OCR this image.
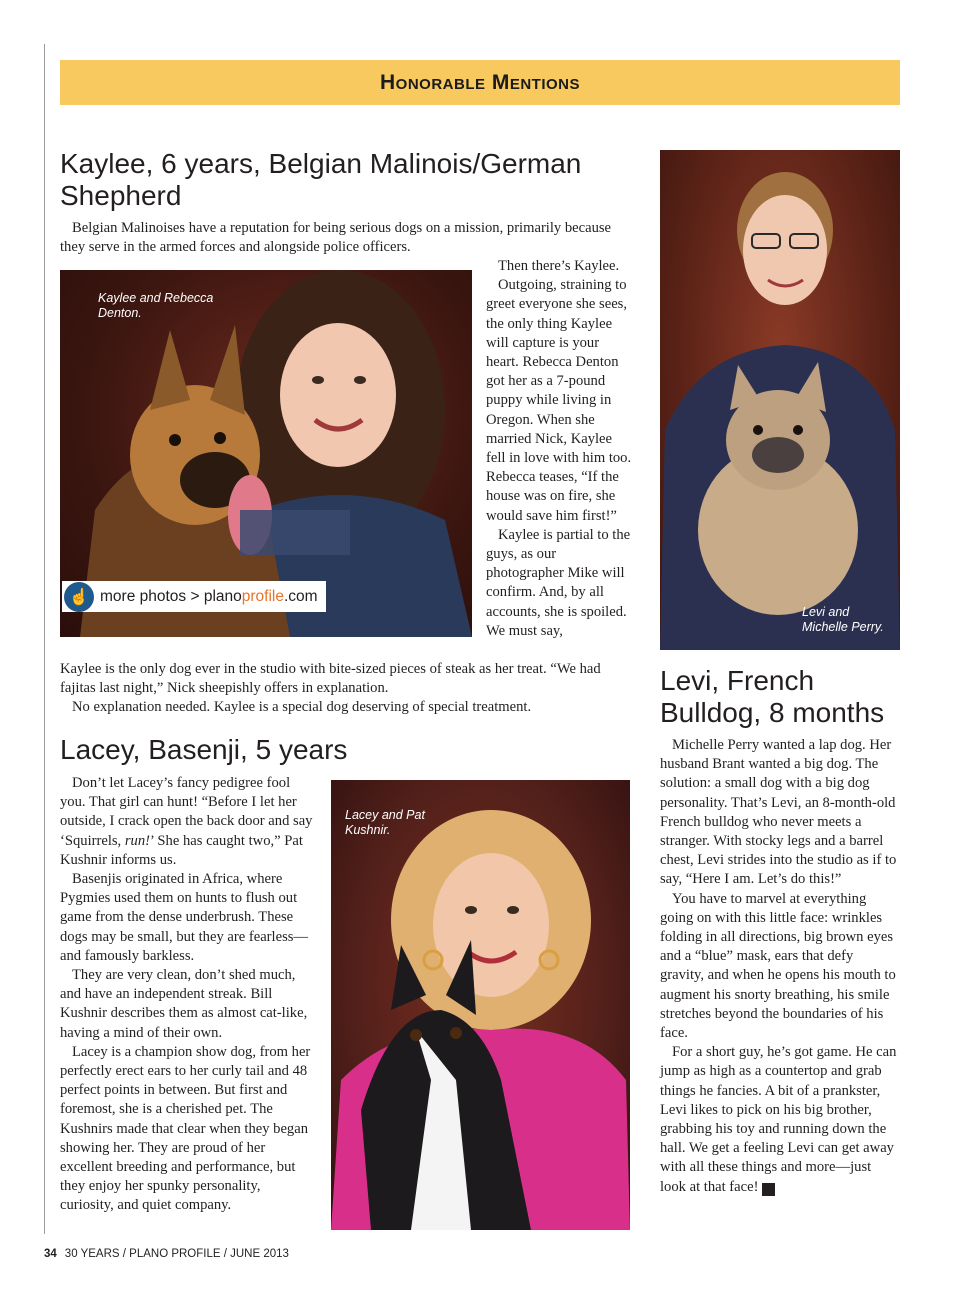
Honorable Mentions
Kaylee, 6 years, Belgian Malinois/German Shepherd

Belgian Malinoises have a reputation for being serious dogs on a mission, primarily because they serve in the armed forces and alongside police officers.

Kaylee and Rebecca Denton.
☝ more photos > plano profile .com

Then there’s Kaylee.

Outgoing, straining to greet everyone she sees, the only thing Kaylee will capture is your heart. Rebecca Denton got her as a 7-pound puppy while living in Oregon. When she married Nick, Kaylee fell in love with him too. Rebecca teases, “If the house was on fire, she would save him first!”

Kaylee is partial to the guys, as our photographer Mike will confirm. And, by all accounts, she is spoiled. We must say,

Kaylee is the only dog ever in the studio with bite-sized pieces of steak as her treat. “We had fajitas last night,” Nick sheepishly offers in explanation.

No explanation needed. Kaylee is a special dog deserving of special treatment.

Lacey, Basenji, 5 years

Don’t let Lacey’s fancy pedigree fool you. That girl can hunt! “Before I let her outside, I crack open the back door and say ‘Squirrels, run!’ She has caught two,” Pat Kushnir informs us.

Basenjis originated in Africa, where Pygmies used them on hunts to flush out game from the dense underbrush. These dogs may be small, but they are fearless—and famously barkless.

They are very clean, don’t shed much, and have an independent streak. Bill Kushnir describes them as almost cat-like, having a mind of their own.

Lacey is a champion show dog, from her perfectly erect ears to her curly tail and 48 perfect points in between. But first and foremost, she is a cherished pet. The Kushnirs made that clear when they began showing her. They are proud of her excellent breeding and performance, but they enjoy her spunky personality, curiosity, and quiet company.

Lacey and Pat Kushnir.
Levi and Michelle Perry.
Levi, French Bulldog, 8 months

Michelle Perry wanted a lap dog. Her husband Brant wanted a big dog. The solution: a small dog with a big dog personality. That’s Levi, an 8-month-old French bulldog who never meets a stranger. With stocky legs and a barrel chest, Levi strides into the studio as if to say, “Here I am. Let’s do this!”

You have to marvel at everything going on with this little face: wrinkles folding in all directions, big brown eyes and a “blue” mask, ears that defy gravity, and when he opens his mouth to augment his snorty breathing, his smile stretches beyond the boundaries of his face.

For a short guy, he’s got game. He can jump as high as a countertop and grab things he fancies. A bit of a prankster, Levi likes to pick on his big brother, grabbing his toy and running down the hall. We get a feeling Levi can get away with all these things and more—just look at that face! p

34 30 YEARS / PLANO PROFILE / JUNE 2013
